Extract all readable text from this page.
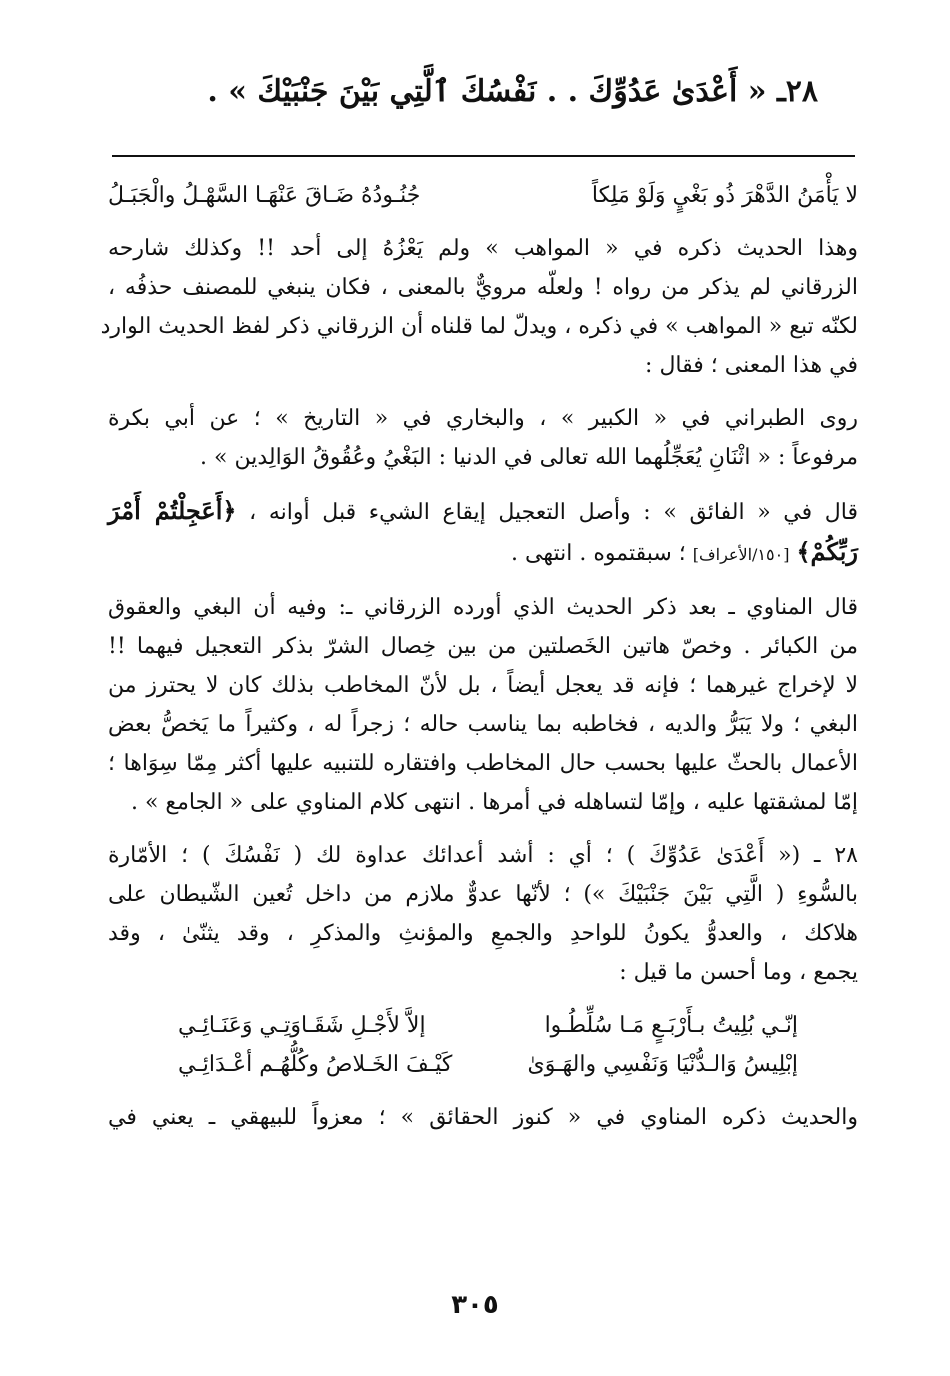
٢٨ـ « أَعْدَىٰ عَدُوِّكَ . . نَفْسُكَ ٱلَّتِي بَيْنَ جَنْبَيْكَ » .
لا يَأْمَنُ الدَّهْرَ ذُو بَغْيٍ وَلَوْ مَلِكاً
جُنُـودُهُ ضَـاقَ عَنْهَـا السَّهْـلُ والْجَبَـلُ

وهذا الحديث ذكره في « المواهب » ولم يَعْزُهُ إلى أحد !! وكذلك شارحه
الزرقاني لم يذكر من رواه ! ولعلّه مرويٌّ بالمعنى ، فكان ينبغي للمصنف حذفُه ،
لكنّه تبع « المواهب » في ذكره ، ويدلّ لما قلناه أن الزرقاني ذكر لفظ الحديث الوارد
في هذا المعنى ؛ فقال :

روى الطبراني في « الكبير » ، والبخاري في « التاريخ » ؛ عن أبي بكرة
مرفوعاً : « اثْنَانِ يُعَجِّلُهما الله تعالى في الدنيا : البَغْيُ وعُقُوقُ الوَالِدين » .

قال في « الفائق » : وأصل التعجيل إيقاع الشيء قبل أوانه ، ﴿أَعَجِلْتُمْ أَمْرَ
رَبِّكُمْ﴾ [١٥٠/الأعراف] ؛ سبقتموه . انتهى .

قال المناوي ـ بعد ذكر الحديث الذي أورده الزرقاني ـ: وفيه أن البغي والعقوق
من الكبائر . وخصّ هاتين الخَصلتين من بين خِصال الشرّ بذكر التعجيل فيهما !!
لا لإخراج غيرهما ؛ فإنه قد يعجل أيضاً ، بل لأنّ المخاطب بذلك كان لا يحترز من
البغي ؛ ولا يَبَرُّ والديه ، فخاطبه بما يناسب حاله ؛ زجراً له ، وكثيراً ما يَخصُّ بعض
الأعمال بالحثّ عليها بحسب حال المخاطب وافتقاره للتنبيه عليها أكثر مِمّا سِوَاها ؛
إمّا لمشقتها عليه ، وإمّا لتساهله في أمرها . انتهى كلام المناوي على « الجامع » .

٢٨ ـ (« أَعْدَىٰ عَدُوِّكَ ) ؛ أي : أشد أعدائك عداوة لك ( نَفْسُكَ ) ؛ الأمّارة
بالسُّوءِ ( الَّتِي بَيْنَ جَنْبَيْكَ ») ؛ لأنّها عدوٌّ ملازم من داخل تُعين الشّيطان على
هلاكك ، والعدوُّ يكونُ للواحدِ والجمعِ والمؤنثِ والمذكرِ ، وقد يثنّىٰ ، وقد
يجمع ، وما أحسن ما قيل :

إنّـي بُلِيتُ بـأَرْبَـعٍ مَـا سُلِّطُـوا
إلاَّ لأَجْـلِ شَقَـاوَتِـي وَعَنَـائِـي
إبْلِيسُ وَالـدُّنْيَا وَنَفْسِي والهَـوَىٰ
كَيْـفَ الخَـلاصُ وكُلُّهُـم أعْـدَائِـي

والحديث ذكره المناوي في « كنوز الحقائق » ؛ معزواً للبيهقي ـ يعني في

٣٠٥
